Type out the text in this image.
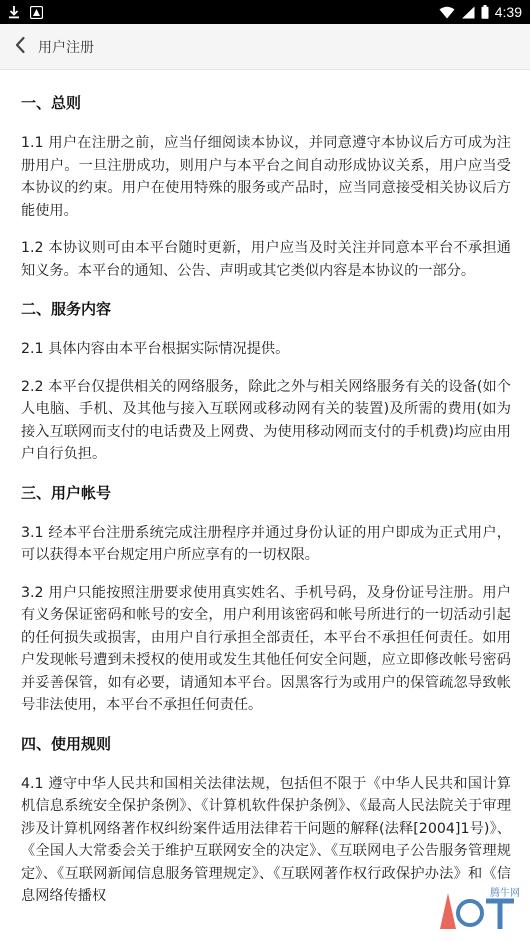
4:39
用户注册
一、总则

1.1 用户在注册之前，应当仔细阅读本协议，并同意遵守本协议后方可成为注册用户。一旦注册成功，则用户与本平台之间自动形成协议关系，用户应当受本协议的约束。用户在使用特殊的服务或产品时，应当同意接受相关协议后方能使用。

1.2 本协议则可由本平台随时更新，用户应当及时关注并同意本平台不承担通知义务。本平台的通知、公告、声明或其它类似内容是本协议的一部分。

二、服务内容

2.1 具体内容由本平台根据实际情况提供。

2.2 本平台仅提供相关的网络服务，除此之外与相关网络服务有关的设备(如个人电脑、手机、及其他与接入互联网或移动网有关的装置)及所需的费用(如为接入互联网而支付的电话费及上网费、为使用移动网而支付的手机费)均应由用户自行负担。

三、用户帐号

3.1 经本平台注册系统完成注册程序并通过身份认证的用户即成为正式用户，可以获得本平台规定用户所应享有的一切权限。

3.2 用户只能按照注册要求使用真实姓名、手机号码，及身份证号注册。用户有义务保证密码和帐号的安全，用户利用该密码和帐号所进行的一切活动引起的任何损失或损害，由用户自行承担全部责任，本平台不承担任何责任。如用户发现帐号遭到未授权的使用或发生其他任何安全问题，应立即修改帐号密码并妥善保管，如有必要，请通知本平台。因黑客行为或用户的保管疏忽导致帐号非法使用，本平台不承担任何责任。

四、使用规则

4.1 遵守中华人民共和国相关法律法规，包括但不限于《中华人民共和国计算机信息系统安全保护条例》、《计算机软件保护条例》、《最高人民法院关于审理涉及计算机网络著作权纠纷案件适用法律若干问题的解释(法释[2004]1号)》、《全国人大常委会关于维护互联网安全的决定》、《互联网电子公告服务管理规定》、《互联网新闻信息服务管理规定》、《互联网著作权行政保护办法》和《信息网络传播权	腾牛网
